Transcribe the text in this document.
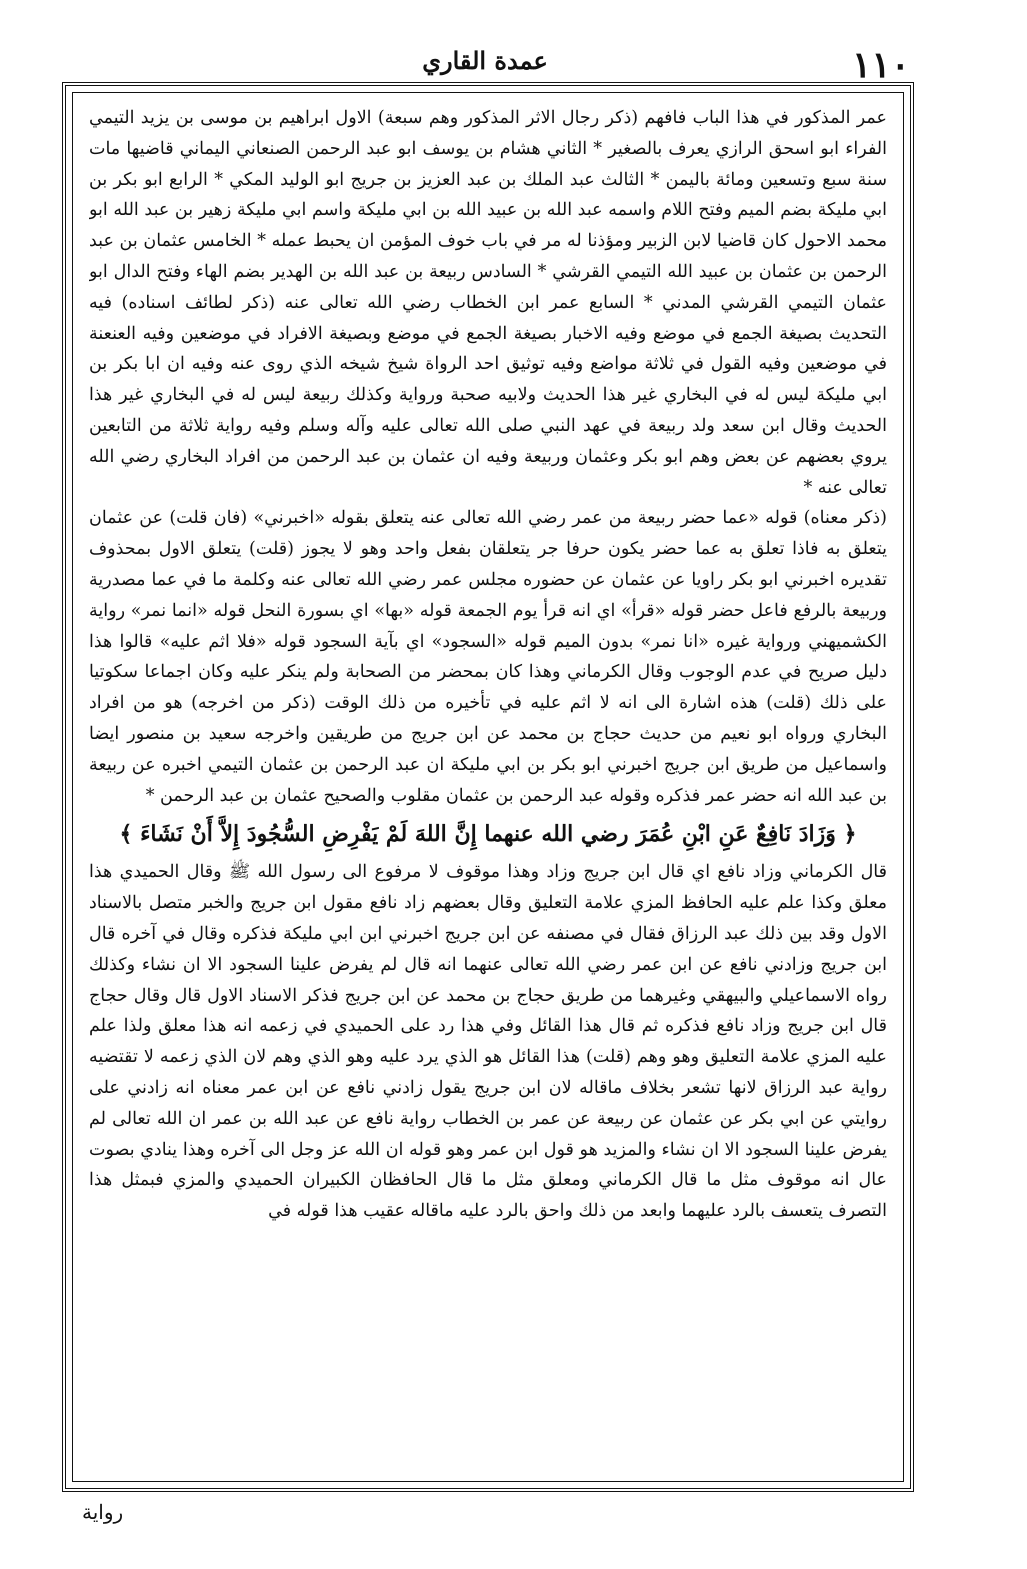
١١٠
عمدة القاري

عمر المذكور في هذا الباب فافهم (ذكر رجال الاثر المذكور وهم سبعة) الاول ابراهيم بن موسى بن يزيد التيمي الفراء ابو اسحق الرازي يعرف بالصغير * الثاني هشام بن يوسف ابو عبد الرحمن الصنعاني اليماني قاضيها مات سنة سبع وتسعين ومائة باليمن * الثالث عبد الملك بن عبد العزيز بن جريج ابو الوليد المكي * الرابع ابو بكر بن ابي مليكة بضم الميم وفتح اللام واسمه عبد الله بن عبيد الله بن ابي مليكة واسم ابي مليكة زهير بن عبد الله ابو محمد الاحول كان قاضيا لابن الزبير ومؤذنا له مر في باب خوف المؤمن ان يحبط عمله * الخامس عثمان بن عبد الرحمن بن عثمان بن عبيد الله التيمي القرشي * السادس ربيعة بن عبد الله بن الهدير بضم الهاء وفتح الدال ابو عثمان التيمي القرشي المدني * السابع عمر ابن الخطاب رضي الله تعالى عنه (ذكر لطائف اسناده) فيه التحديث بصيغة الجمع في موضع وفيه الاخبار بصيغة الجمع في موضع وبصيغة الافراد في موضعين وفيه العنعنة في موضعين وفيه القول في ثلاثة مواضع وفيه توثيق احد الرواة شيخ شيخه الذي روى عنه وفيه ان ابا بكر بن ابي مليكة ليس له في البخاري غير هذا الحديث ولابيه صحبة ورواية وكذلك ربيعة ليس له في البخاري غير هذا الحديث وقال ابن سعد ولد ربيعة في عهد النبي صلى الله تعالى عليه وآله وسلم وفيه رواية ثلاثة من التابعين يروي بعضهم عن بعض وهم ابو بكر وعثمان وربيعة وفيه ان عثمان بن عبد الرحمن من افراد البخاري رضي الله تعالى عنه *

(ذكر معناه) قوله «عما حضر ربيعة من عمر رضي الله تعالى عنه يتعلق بقوله «اخبرني» (فان قلت) عن عثمان يتعلق به فاذا تعلق به عما حضر يكون حرفا جر يتعلقان بفعل واحد وهو لا يجوز (قلت) يتعلق الاول بمحذوف تقديره اخبرني ابو بكر راويا عن عثمان عن حضوره مجلس عمر رضي الله تعالى عنه وكلمة ما في عما مصدرية وربيعة بالرفع فاعل حضر قوله «قرأ» اي انه قرأ يوم الجمعة قوله «بها» اي بسورة النحل قوله «انما نمر» رواية الكشميهني ورواية غيره «انا نمر» بدون الميم قوله «السجود» اي بآية السجود قوله «فلا اثم عليه» قالوا هذا دليل صريح في عدم الوجوب وقال الكرماني وهذا كان بمحضر من الصحابة ولم ينكر عليه وكان اجماعا سكوتيا على ذلك (قلت) هذه اشارة الى انه لا اثم عليه في تأخيره من ذلك الوقت (ذكر من اخرجه) هو من افراد البخاري ورواه ابو نعيم من حديث حجاج بن محمد عن ابن جريج من طريقين واخرجه سعيد بن منصور ايضا واسماعيل من طريق ابن جريج اخبرني ابو بكر بن ابي مليكة ان عبد الرحمن بن عثمان التيمي اخبره عن ربيعة بن عبد الله انه حضر عمر فذكره وقوله عبد الرحمن بن عثمان مقلوب والصحيح عثمان بن عبد الرحمن *

﴿ وَزَادَ نَافِعٌ عَنِ ابْنِ عُمَرَ رضي الله عنهما إِنَّ اللهَ لَمْ يَفْرِضِ السُّجُودَ إِلاَّ أَنْ نَشَاءَ ﴾

قال الكرماني وزاد نافع اي قال ابن جريج وزاد وهذا موقوف لا مرفوع الى رسول الله ﷺ وقال الحميدي هذا معلق وكذا علم عليه الحافظ المزي علامة التعليق وقال بعضهم زاد نافع مقول ابن جريج والخبر متصل بالاسناد الاول وقد بين ذلك عبد الرزاق فقال في مصنفه عن ابن جريج اخبرني ابن ابي مليكة فذكره وقال في آخره قال ابن جريج وزادني نافع عن ابن عمر رضي الله تعالى عنهما انه قال لم يفرض علينا السجود الا ان نشاء وكذلك رواه الاسماعيلي والبيهقي وغيرهما من طريق حجاج بن محمد عن ابن جريج فذكر الاسناد الاول قال وقال حجاج قال ابن جريج وزاد نافع فذكره ثم قال هذا القائل وفي هذا رد على الحميدي في زعمه انه هذا معلق ولذا علم عليه المزي علامة التعليق وهو وهم (قلت) هذا القائل هو الذي يرد عليه وهو الذي وهم لان الذي زعمه لا تقتضيه رواية عبد الرزاق لانها تشعر بخلاف ماقاله لان ابن جريج يقول زادني نافع عن ابن عمر معناه انه زادني على روايتي عن ابي بكر عن عثمان عن ربيعة عن عمر بن الخطاب رواية نافع عن عبد الله بن عمر ان الله تعالى لم يفرض علينا السجود الا ان نشاء والمزيد هو قول ابن عمر وهو قوله ان الله عز وجل الى آخره وهذا ينادي بصوت عال انه موقوف مثل ما قال الكرماني ومعلق مثل ما قال الحافظان الكبيران الحميدي والمزي فبمثل هذا التصرف يتعسف بالرد عليهما وابعد من ذلك واحق بالرد عليه ماقاله عقيب هذا قوله في

رواية
